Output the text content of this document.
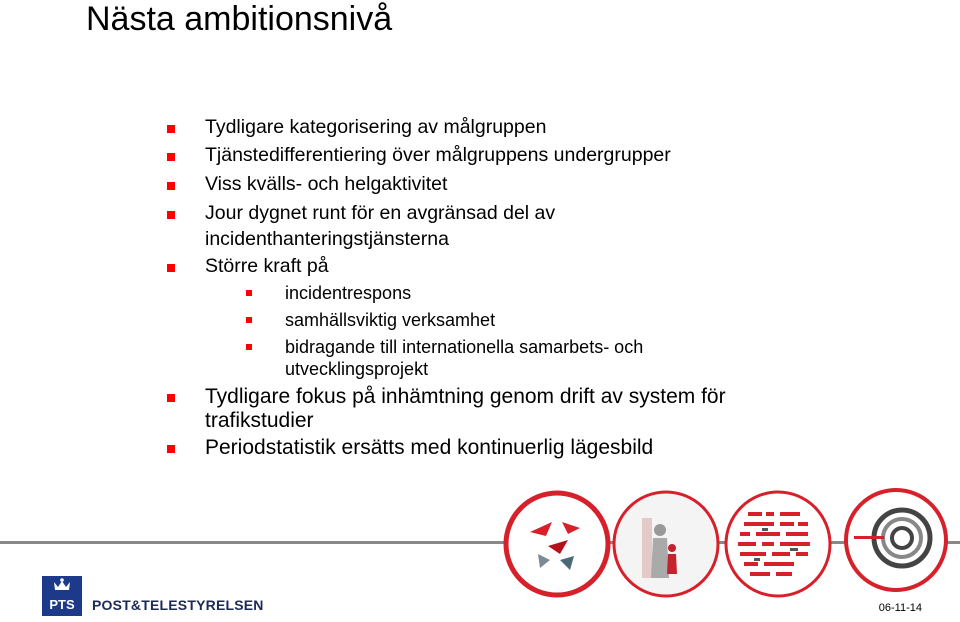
Nästa ambitionsnivå
Tydligare kategorisering av målgruppen
Tjänstedifferentiering över målgruppens undergrupper
Viss kvälls- och helgaktivitet
Jour dygnet runt för en avgränsad del av
incidenthanteringstjänsterna
Större kraft på
incidentrespons
samhällsviktig verksamhet
bidragande till internationella samarbets- och
utvecklingsprojekt
Tydligare fokus på inhämtning genom drift av system för
trafikstudier
Periodstatistik ersätts med kontinuerlig lägesbild
PTS POST&TELESTYRELSEN	06-11-14
